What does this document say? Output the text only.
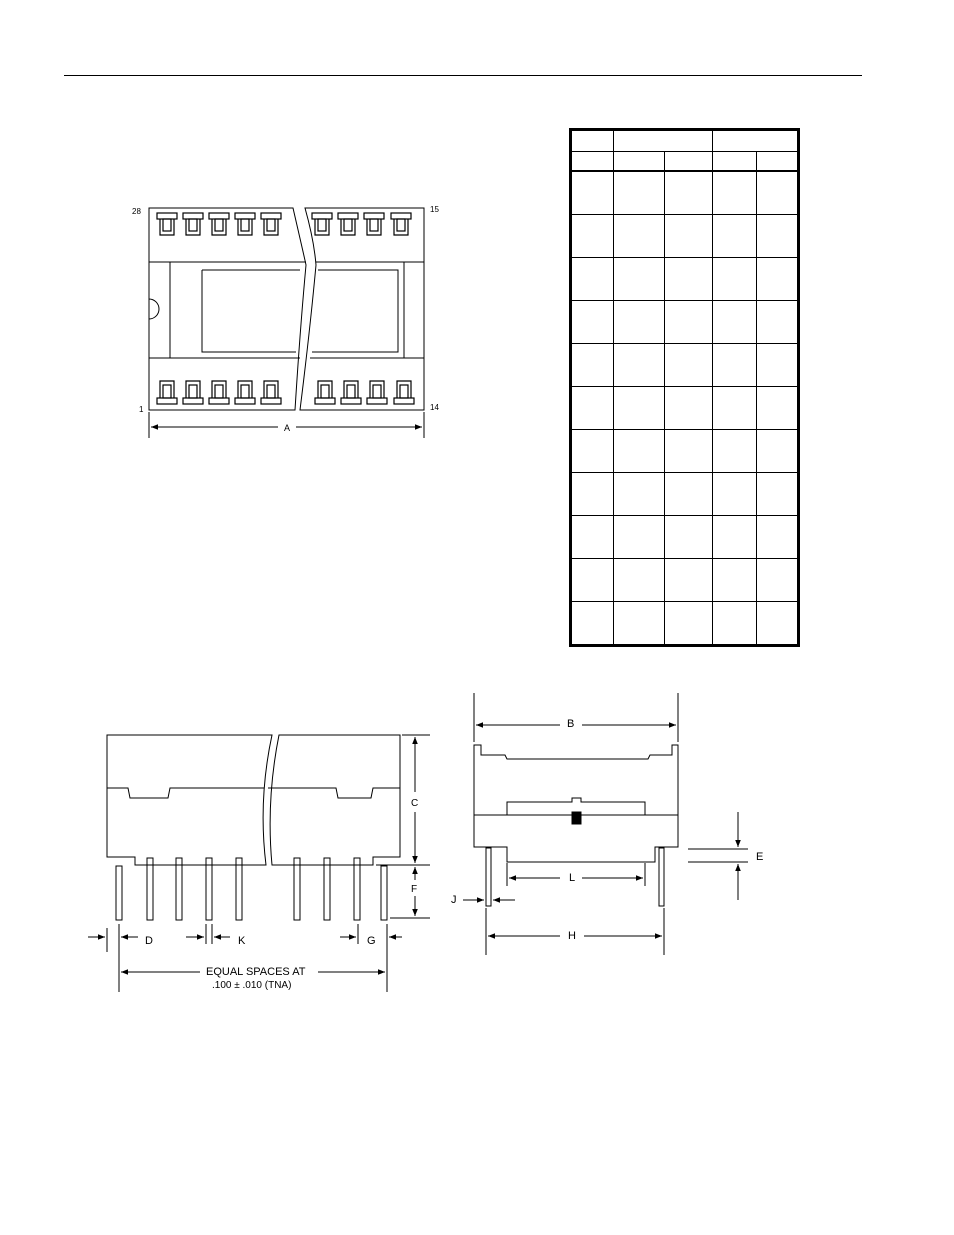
28	15
1	14
A
C
F
D	K	G
EQUAL SPACES AT
.100 ± .010 (TNA)
B
E
L
J
H
